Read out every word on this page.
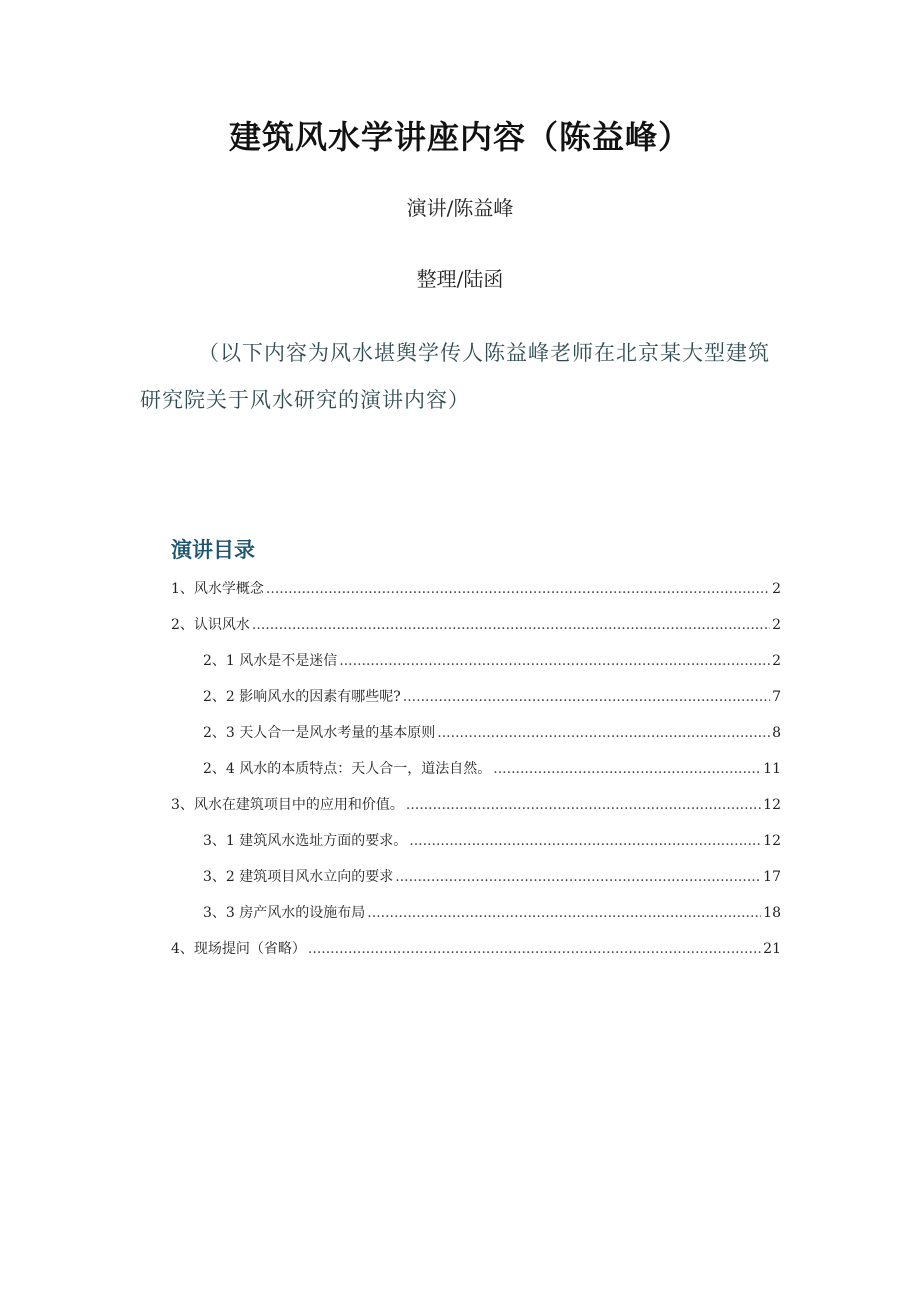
建筑风水学讲座内容（陈益峰）
演讲/陈益峰
整理/陆函

（以下内容为风水堪舆学传人陈益峰老师在北京某大型建筑研究院关于风水研究的演讲内容）

演讲目录
1、风水学概念 .....	2
2、认识风水 .....	2
2、1 风水是不是迷信 .....	2
2、2 影响风水的因素有哪些呢? .....	7
2、3 天人合一是风水考量的基本原则 .....	8
2、4 风水的本质特点：天人合一，道法自然。 .....	11
3、风水在建筑项目中的应用和价值。 .....	12
3、1 建筑风水选址方面的要求。 .....	12
3、2 建筑项目风水立向的要求 .....	17
3、3 房产风水的设施布局 .....	18
4、现场提问（省略） .....	21
